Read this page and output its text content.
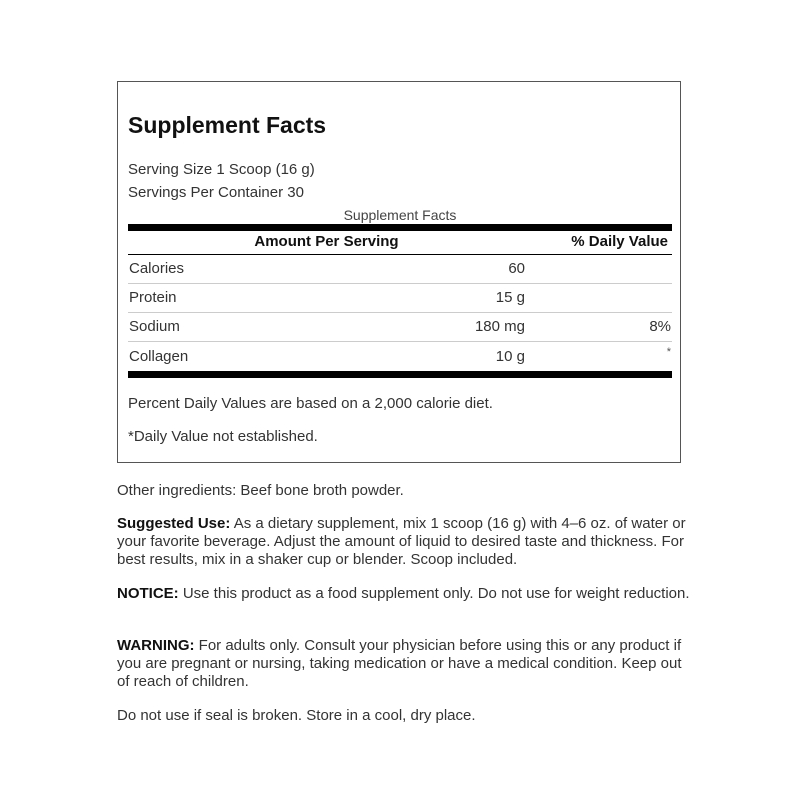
Supplement Facts
Serving Size 1 Scoop (16 g)
Servings Per Container 30
Supplement Facts
Amount Per Serving	% Daily Value
Calories	60
Protein	15 g
Sodium	180 mg	8%
Collagen	10 g	*
Percent Daily Values are based on a 2,000 calorie diet.
*Daily Value not established.

Other ingredients: Beef bone broth powder.

Suggested Use: As a dietary supplement, mix 1 scoop (16 g) with 4–6 oz. of water or your favorite beverage. Adjust the amount of liquid to desired taste and thickness. For best results, mix in a shaker cup or blender. Scoop included.

NOTICE: Use this product as a food supplement only. Do not use for weight reduction.

WARNING: For adults only. Consult your physician before using this or any product if you are pregnant or nursing, taking medication or have a medical condition. Keep out of reach of children.

Do not use if seal is broken. Store in a cool, dry place.
